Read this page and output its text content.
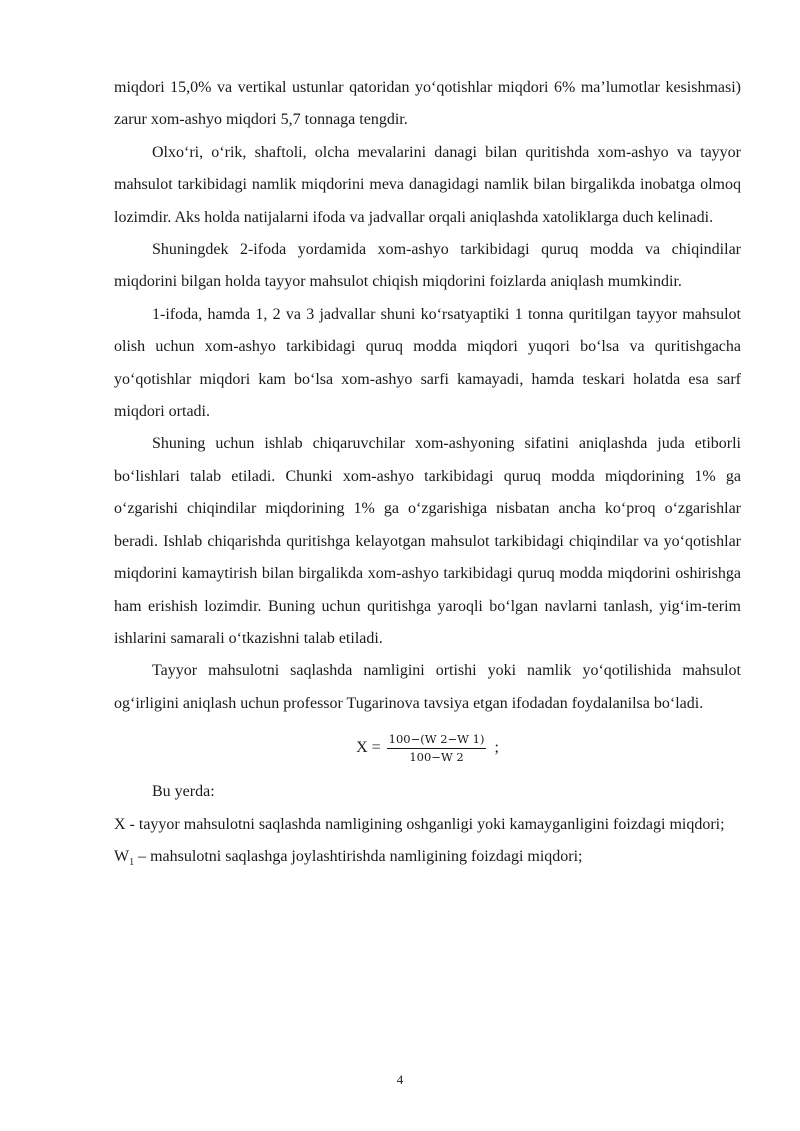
miqdori 15,0% va vertikal ustunlar qatoridan yo‘qotishlar miqdori 6% ma’lumotlar kesishmasi) zarur xom-ashyo miqdori 5,7 tonnaga tengdir.

Olxo‘ri, o‘rik, shaftoli, olcha mevalarini danagi bilan quritishda xom-ashyo va tayyor mahsulot tarkibidagi namlik miqdorini meva danagidagi namlik bilan birgalikda inobatga olmoq lozimdir. Aks holda natijalarni ifoda va jadvallar orqali aniqlashda xatoliklarga duch kelinadi.

Shuningdek 2-ifoda yordamida xom-ashyo tarkibidagi quruq modda va chiqindilar miqdorini bilgan holda tayyor mahsulot chiqish miqdorini foizlarda aniqlash mumkindir.

1-ifoda, hamda 1, 2 va 3 jadvallar shuni ko‘rsatyaptiki 1 tonna quritilgan tayyor mahsulot olish uchun xom-ashyo tarkibidagi quruq modda miqdori yuqori bo‘lsa va quritishgacha yo‘qotishlar miqdori kam bo‘lsa xom-ashyo sarfi kamayadi, hamda teskari holatda esa sarf miqdori ortadi.

Shuning uchun ishlab chiqaruvchilar xom-ashyoning sifatini aniqlashda juda etiborli bo‘lishlari talab etiladi. Chunki xom-ashyo tarkibidagi quruq modda miqdorining 1% ga o‘zgarishi chiqindilar miqdorining 1% ga o‘zgarishiga nisbatan ancha ko‘proq o‘zgarishlar beradi. Ishlab chiqarishda quritishga kelayotgan mahsulot tarkibidagi chiqindilar va yo‘qotishlar miqdorini kamaytirish bilan birgalikda xom-ashyo tarkibidagi quruq modda miqdorini oshirishga ham erishish lozimdir. Buning uchun quritishga yaroqli bo‘lgan navlarni tanlash, yig‘im-terim ishlarini samarali o‘tkazishni talab etiladi.

Tayyor mahsulotni saqlashda namligini ortishi yoki namlik yo‘qotilishida mahsulot og‘irligini aniqlash uchun professor Tugarinova tavsiya etgan ifodadan foydalanilsa bo‘ladi.

$X = \frac{100-(W 2-W 1)}{100-W 2}$ ;

Bu yerda:

X - tayyor mahsulotni saqlashda namligining oshganligi yoki kamayganligini foizdagi miqdori;

$W_1$ – mahsulotni saqlashga joylashtirishda namligining foizdagi miqdori;

4
